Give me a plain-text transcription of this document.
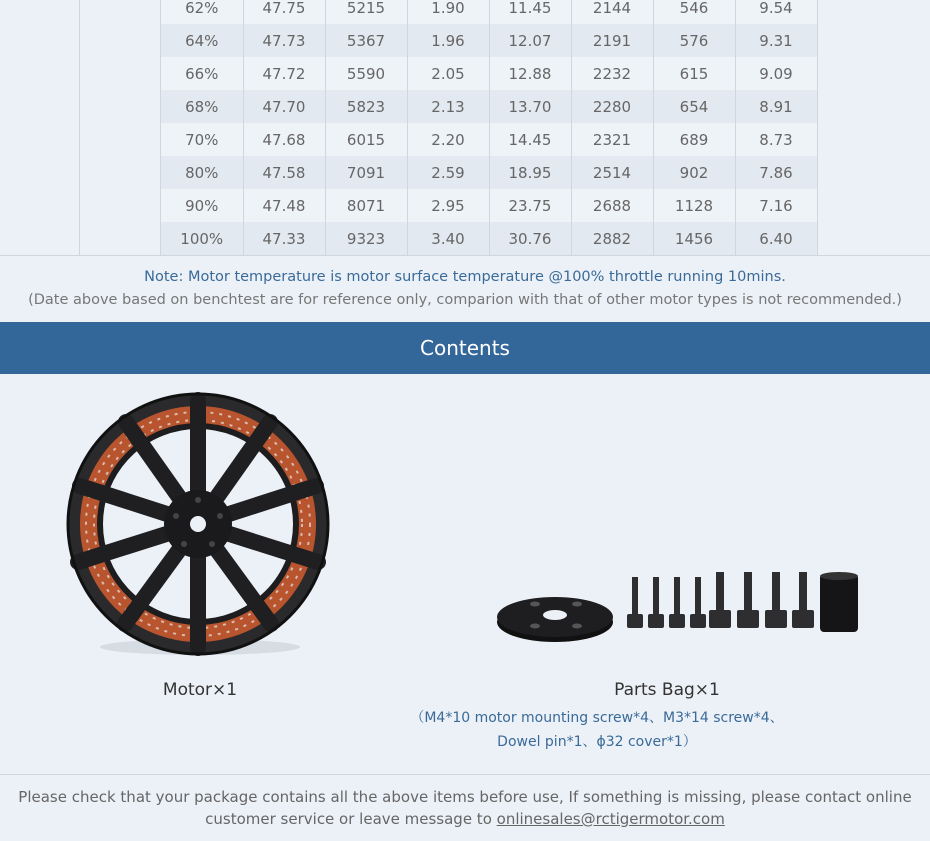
62%	47.75	5215	1.90	11.45	2144	546	9.54
64%	47.73	5367	1.96	12.07	2191	576	9.31
66%	47.72	5590	2.05	12.88	2232	615	9.09
68%	47.70	5823	2.13	13.70	2280	654	8.91
70%	47.68	6015	2.20	14.45	2321	689	8.73
80%	47.58	7091	2.59	18.95	2514	902	7.86
90%	47.48	8071	2.95	23.75	2688	1128	7.16
100%	47.33	9323	3.40	30.76	2882	1456	6.40
Note: Motor temperature is motor surface temperature @100% throttle running 10mins.
(Date above based on benchtest are for reference only, comparion with that of other motor types is not recommended.)
Contents
Motor×1	Parts Bag×1
（M4*10 motor mounting screw*4、M3*14 screw*4、
Dowel pin*1、ϕ32 cover*1）
Please check that your package contains all the above items before use, If something is missing, please contact online
customer service or leave message to onlinesales@rctigermotor.com
